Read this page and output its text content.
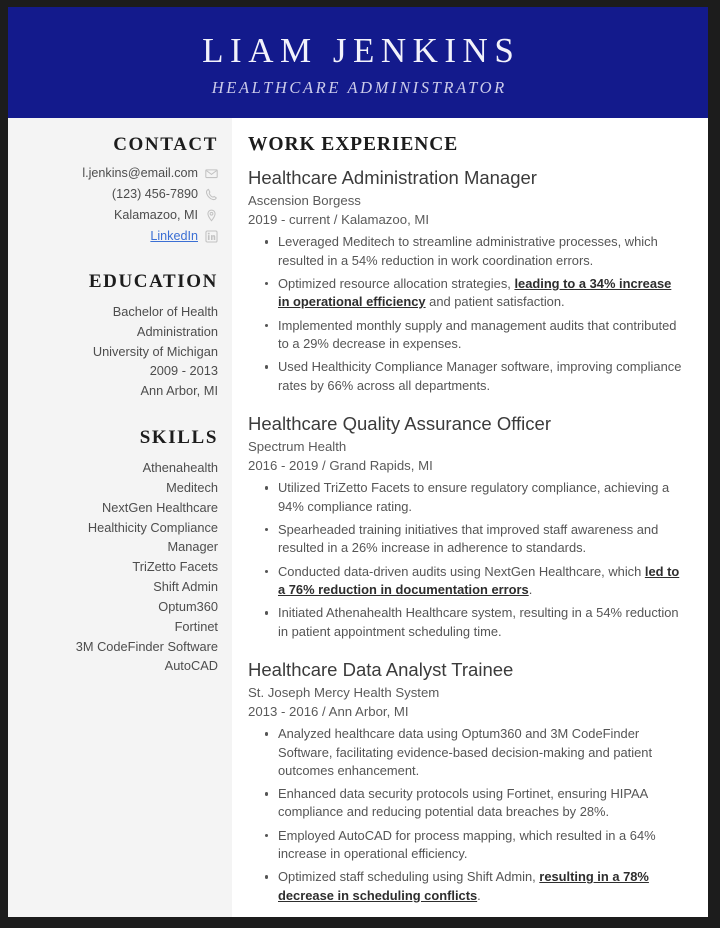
LIAM JENKINS
HEALTHCARE ADMINISTRATOR
CONTACT
l.jenkins@email.com
(123) 456-7890
Kalamazoo, MI
LinkedIn
EDUCATION
Bachelor of Health
Administration
University of Michigan
2009 - 2013
Ann Arbor, MI
SKILLS
Athenahealth
Meditech
NextGen Healthcare
Healthicity Compliance
Manager
TriZetto Facets
Shift Admin
Optum360
Fortinet
3M CodeFinder Software
AutoCAD
WORK EXPERIENCE
Healthcare Administration Manager
Ascension Borgess
2019 - current / Kalamazoo, MI
Leveraged Meditech to streamline administrative processes, which resulted in a 54% reduction in work coordination errors.
Optimized resource allocation strategies, leading to a 34% increase in operational efficiency and patient satisfaction.
Implemented monthly supply and management audits that contributed to a 29% decrease in expenses.
Used Healthicity Compliance Manager software, improving compliance rates by 66% across all departments.
Healthcare Quality Assurance Officer
Spectrum Health
2016 - 2019 / Grand Rapids, MI
Utilized TriZetto Facets to ensure regulatory compliance, achieving a 94% compliance rating.
Spearheaded training initiatives that improved staff awareness and resulted in a 26% increase in adherence to standards.
Conducted data-driven audits using NextGen Healthcare, which led to a 76% reduction in documentation errors.
Initiated Athenahealth Healthcare system, resulting in a 54% reduction in patient appointment scheduling time.
Healthcare Data Analyst Trainee
St. Joseph Mercy Health System
2013 - 2016 / Ann Arbor, MI
Analyzed healthcare data using Optum360 and 3M CodeFinder Software, facilitating evidence-based decision-making and patient outcomes enhancement.
Enhanced data security protocols using Fortinet, ensuring HIPAA compliance and reducing potential data breaches by 28%.
Employed AutoCAD for process mapping, which resulted in a 64% increase in operational efficiency.
Optimized staff scheduling using Shift Admin, resulting in a 78% decrease in scheduling conflicts.
